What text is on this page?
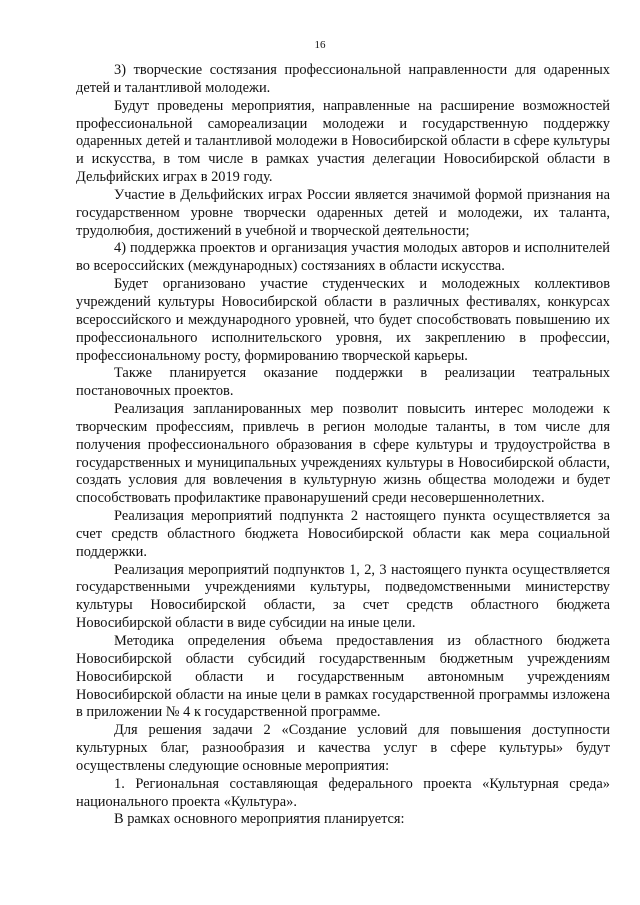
16

3) творческие состязания профессиональной направленности для одаренных детей и талантливой молодежи.

Будут проведены мероприятия, направленные на расширение возможностей профессиональной самореализации молодежи и государственную поддержку одаренных детей и талантливой молодежи в Новосибирской области в сфере культуры и искусства, в том числе в рамках участия делегации Новосибирской области в Дельфийских играх в 2019 году.

Участие в Дельфийских играх России является значимой формой признания на государственном уровне творчески одаренных детей и молодежи, их таланта, трудолюбия, достижений в учебной и творческой деятельности;

4) поддержка проектов и организация участия молодых авторов и исполнителей во всероссийских (международных) состязаниях в области искусства.

Будет организовано участие студенческих и молодежных коллективов учреждений культуры Новосибирской области в различных фестивалях, конкурсах всероссийского и международного уровней, что будет способствовать повышению их профессионального исполнительского уровня, их закреплению в профессии, профессиональному росту, формированию творческой карьеры.

Также планируется оказание поддержки в реализации театральных постановочных проектов.

Реализация запланированных мер позволит повысить интерес молодежи к творческим профессиям, привлечь в регион молодые таланты, в том числе для получения профессионального образования в сфере культуры и трудоустройства в государственных и муниципальных учреждениях культуры в Новосибирской области, создать условия для вовлечения в культурную жизнь общества молодежи и будет способствовать профилактике правонарушений среди несовершеннолетних.

Реализация мероприятий подпункта 2 настоящего пункта осуществляется за счет средств областного бюджета Новосибирской области как мера социальной поддержки.

Реализация мероприятий подпунктов 1, 2, 3 настоящего пункта осуществляется государственными учреждениями культуры, подведомственными министерству культуры Новосибирской области, за счет средств областного бюджета Новосибирской области в виде субсидии на иные цели.

Методика определения объема предоставления из областного бюджета Новосибирской области субсидий государственным бюджетным учреждениям Новосибирской области и государственным автономным учреждениям Новосибирской области на иные цели в рамках государственной программы изложена в приложении № 4 к государственной программе.

Для решения задачи 2 «Создание условий для повышения доступности культурных благ, разнообразия и качества услуг в сфере культуры» будут осуществлены следующие основные мероприятия:

1. Региональная составляющая федерального проекта «Культурная среда» национального проекта «Культура».

В рамках основного мероприятия планируется:
